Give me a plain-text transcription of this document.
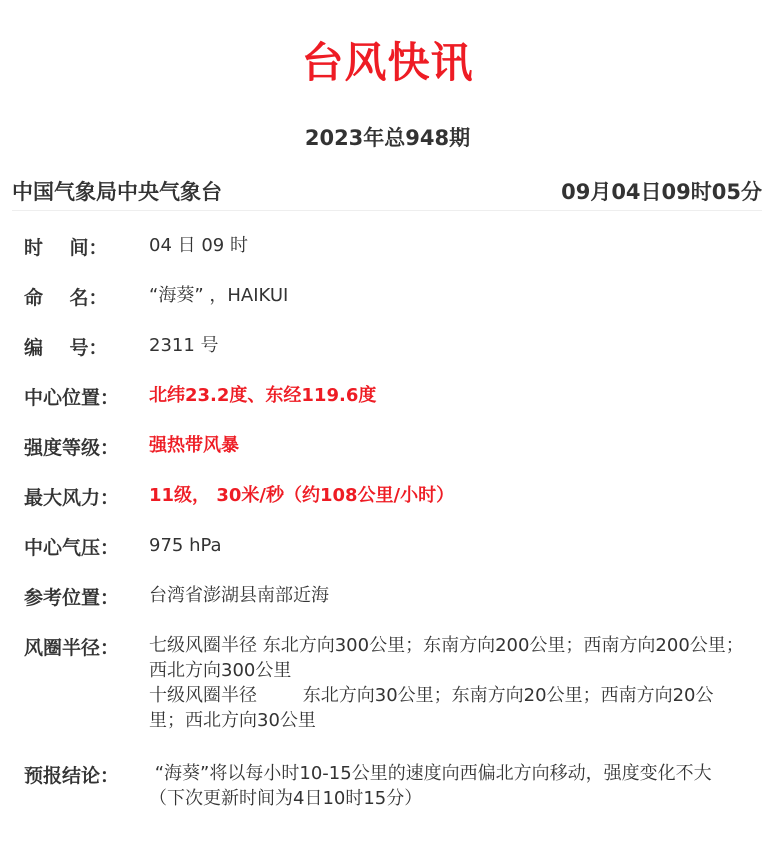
台风快讯
2023年总948期
中国气象局中央气象台	09月04日09时05分
时    间：	04 日 09 时
命    名：	“海葵” ，HAIKUI
编    号：	2311 号
中心位置：	北纬23.2度、东经119.6度
强度等级：	强热带风暴
最大风力：	11级， 30米/秒（约108公里/小时）
中心气压：	975 hPa
参考位置：	台湾省澎湖县南部近海
风圈半径：	七级风圈半径 东北方向300公里；东南方向200公里；西南方向200公里；西北方向300公里
十级风圈半径        东北方向30公里；东南方向20公里；西南方向20公里；西北方向30公里
预报结论：	“海葵”将以每小时10-15公里的速度向西偏北方向移动，强度变化不大
（下次更新时间为4日10时15分）
